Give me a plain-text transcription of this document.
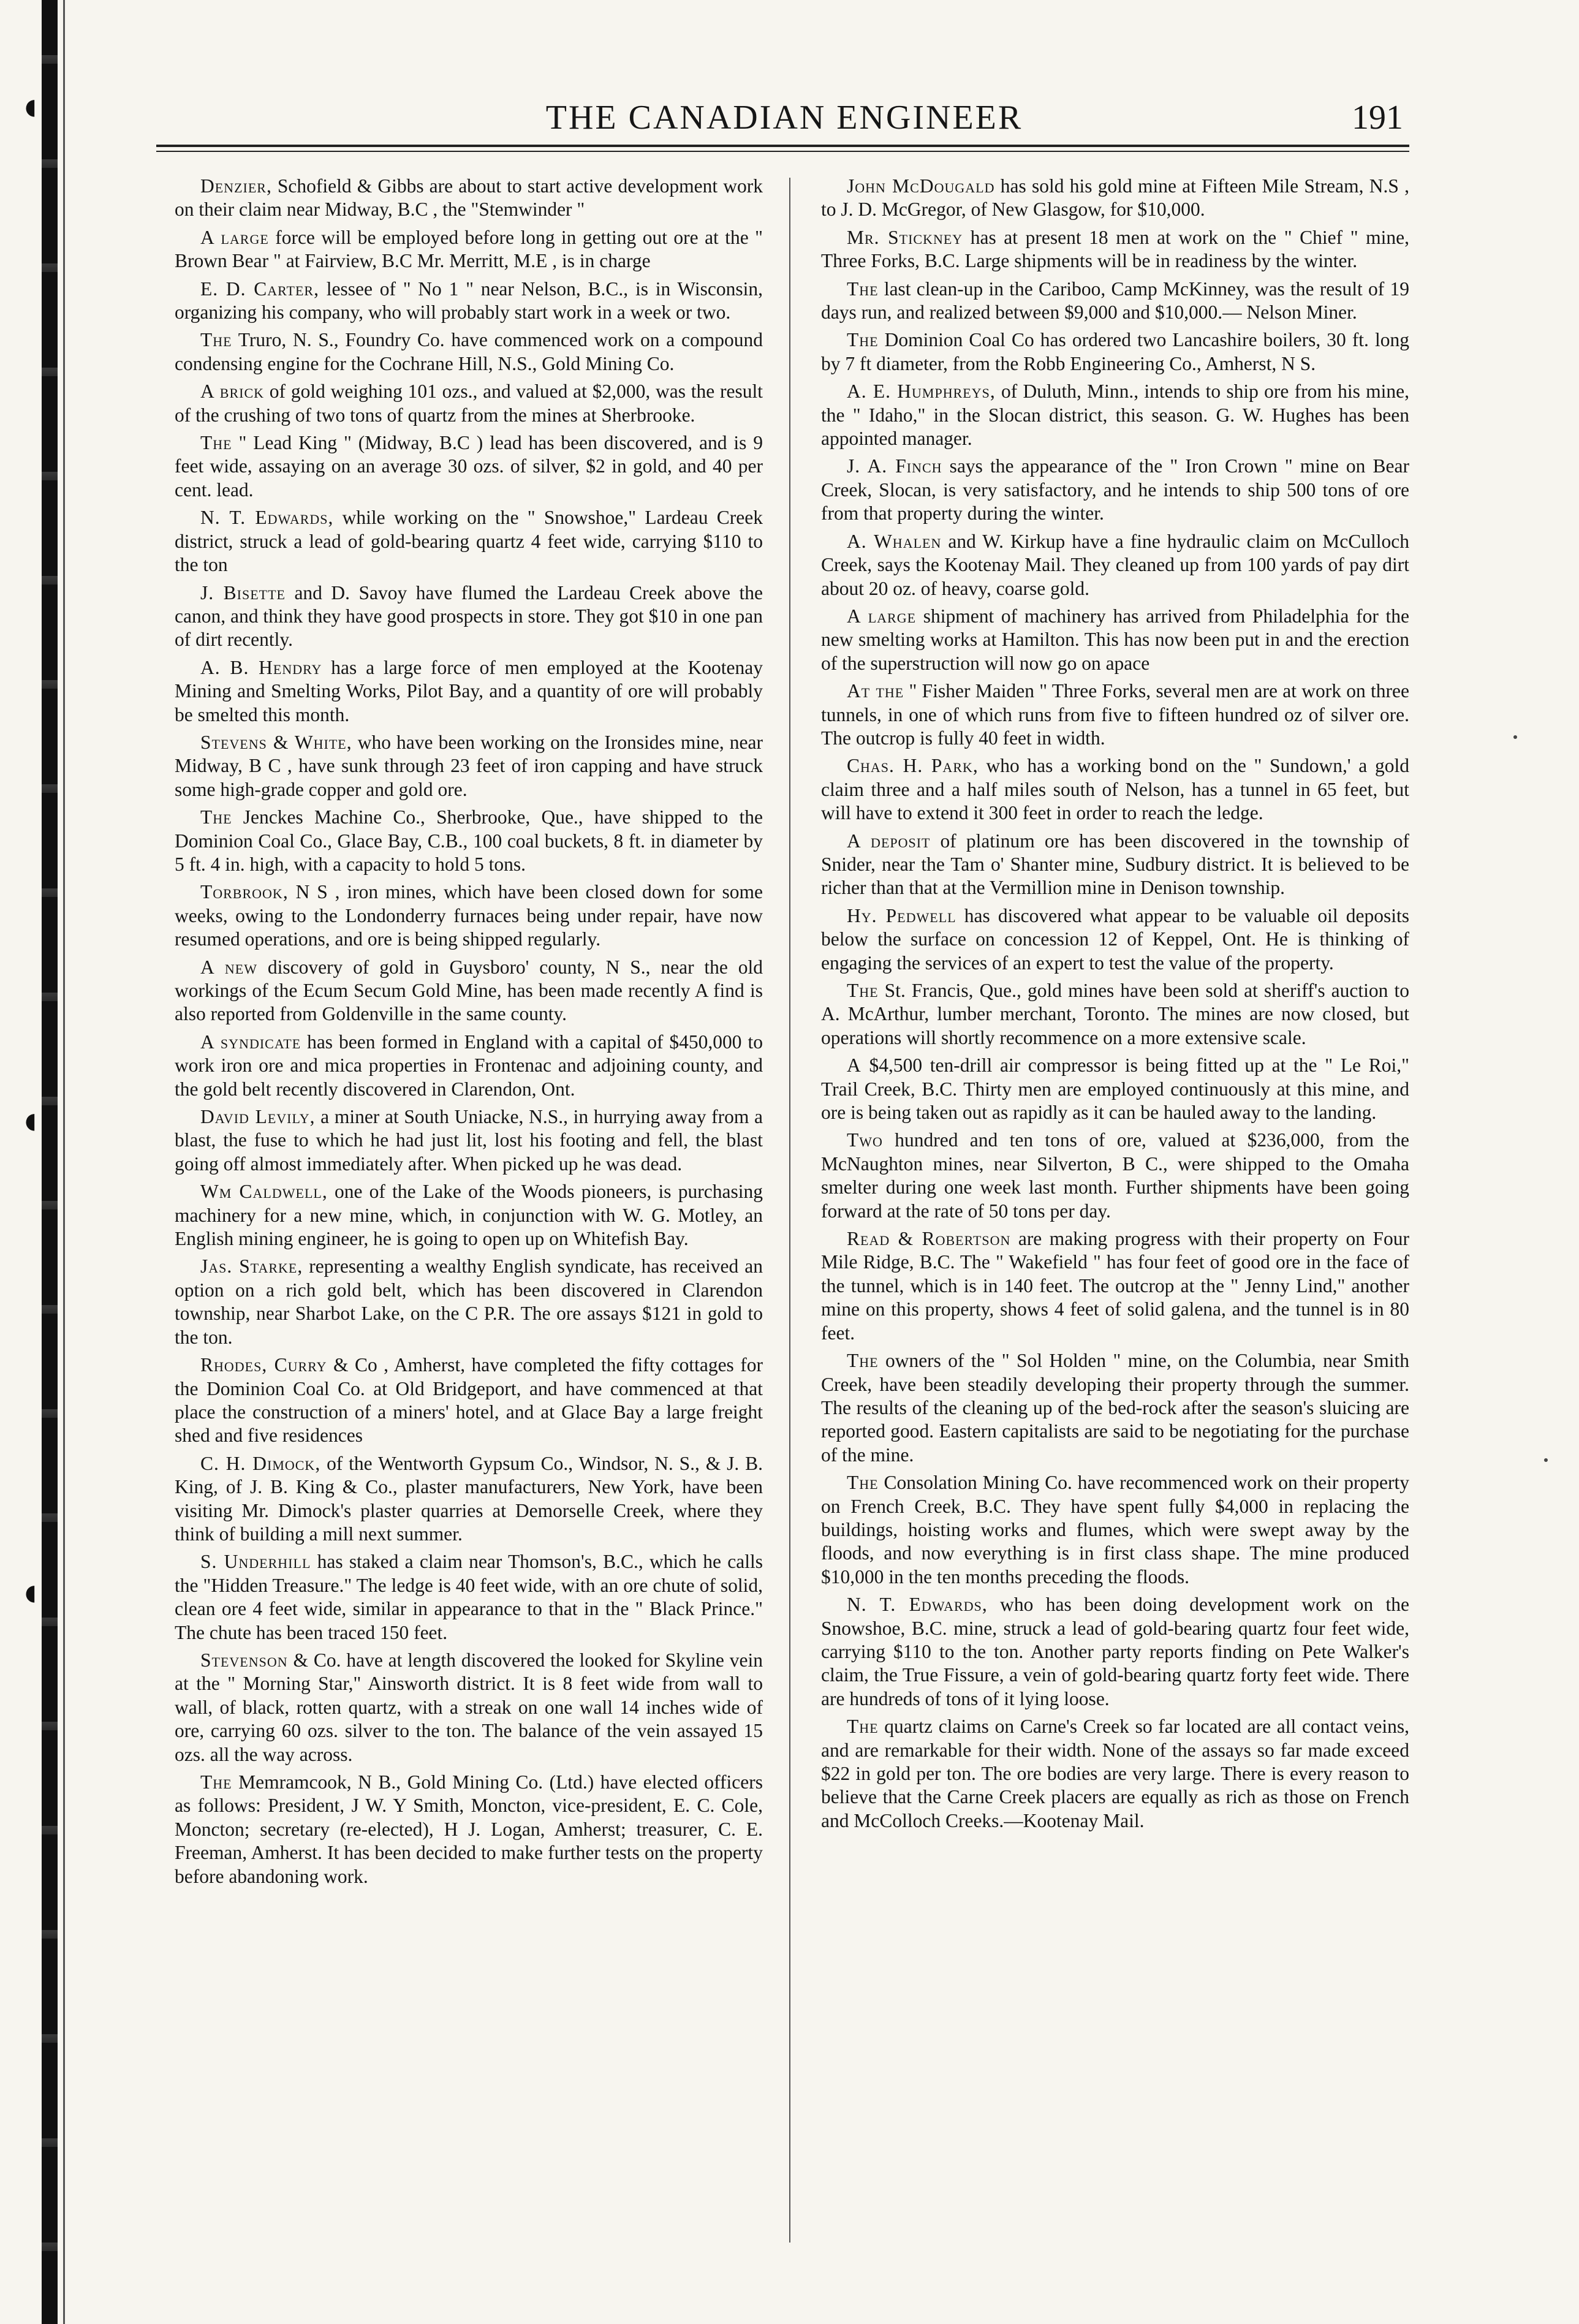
◖
◖
◖
THE CANADIAN ENGINEER	191

Denzier, Schofield & Gibbs are about to start active development work on their claim near Midway, B.C , the "Stemwinder "

A large force will be employed before long in getting out ore at the " Brown Bear " at Fairview, B.C Mr. Merritt, M.E , is in charge

E. D. Carter, lessee of " No 1 " near Nelson, B.C., is in Wisconsin, organizing his company, who will probably start work in a week or two.

The Truro, N. S., Foundry Co. have commenced work on a compound condensing engine for the Cochrane Hill, N.S., Gold Mining Co.

A brick of gold weighing 101 ozs., and valued at $2,000, was the result of the crushing of two tons of quartz from the mines at Sherbrooke.

The " Lead King " (Midway, B.C ) lead has been discovered, and is 9 feet wide, assaying on an average 30 ozs. of silver, $2 in gold, and 40 per cent. lead.

N. T. Edwards, while working on the " Snowshoe," Lardeau Creek district, struck a lead of gold-bearing quartz 4 feet wide, carrying $110 to the ton

J. Bisette and D. Savoy have flumed the Lardeau Creek above the canon, and think they have good prospects in store. They got $10 in one pan of dirt recently.

A. B. Hendry has a large force of men employed at the Kootenay Mining and Smelting Works, Pilot Bay, and a quantity of ore will probably be smelted this month.

Stevens & White, who have been working on the Ironsides mine, near Midway, B C , have sunk through 23 feet of iron capping and have struck some high-grade copper and gold ore.

The Jenckes Machine Co., Sherbrooke, Que., have shipped to the Dominion Coal Co., Glace Bay, C.B., 100 coal buckets, 8 ft. in diameter by 5 ft. 4 in. high, with a capacity to hold 5 tons.

Torbrook, N S , iron mines, which have been closed down for some weeks, owing to the Londonderry furnaces being under repair, have now resumed operations, and ore is being shipped regularly.

A new discovery of gold in Guysboro' county, N S., near the old workings of the Ecum Secum Gold Mine, has been made recently A find is also reported from Goldenville in the same county.

A syndicate has been formed in England with a capital of $450,000 to work iron ore and mica properties in Frontenac and adjoining county, and the gold belt recently discovered in Clarendon, Ont.

David Levily, a miner at South Uniacke, N.S., in hurrying away from a blast, the fuse to which he had just lit, lost his footing and fell, the blast going off almost immediately after. When picked up he was dead.

Wm Caldwell, one of the Lake of the Woods pioneers, is purchasing machinery for a new mine, which, in conjunction with W. G. Motley, an English mining engineer, he is going to open up on Whitefish Bay.

Jas. Starke, representing a wealthy English syndicate, has received an option on a rich gold belt, which has been discovered in Clarendon township, near Sharbot Lake, on the C P.R. The ore assays $121 in gold to the ton.

Rhodes, Curry & Co , Amherst, have completed the fifty cottages for the Dominion Coal Co. at Old Bridgeport, and have commenced at that place the construction of a miners' hotel, and at Glace Bay a large freight shed and five residences

C. H. Dimock, of the Wentworth Gypsum Co., Windsor, N. S., & J. B. King, of J. B. King & Co., plaster manufacturers, New York, have been visiting Mr. Dimock's plaster quarries at Demorselle Creek, where they think of building a mill next summer.

S. Underhill has staked a claim near Thomson's, B.C., which he calls the "Hidden Treasure." The ledge is 40 feet wide, with an ore chute of solid, clean ore 4 feet wide, similar in appearance to that in the " Black Prince." The chute has been traced 150 feet.

Stevenson & Co. have at length discovered the looked for Skyline vein at the " Morning Star," Ainsworth district. It is 8 feet wide from wall to wall, of black, rotten quartz, with a streak on one wall 14 inches wide of ore, carrying 60 ozs. silver to the ton. The balance of the vein assayed 15 ozs. all the way across.

The Memramcook, N B., Gold Mining Co. (Ltd.) have elected officers as follows: President, J W. Y Smith, Moncton, vice-president, E. C. Cole, Moncton; secretary (re-elected), H J. Logan, Amherst; treasurer, C. E. Freeman, Amherst. It has been decided to make further tests on the property before abandoning work.

John McDougald has sold his gold mine at Fifteen Mile Stream, N.S , to J. D. McGregor, of New Glasgow, for $10,000.

Mr. Stickney has at present 18 men at work on the " Chief " mine, Three Forks, B.C. Large shipments will be in readiness by the winter.

The last clean-up in the Cariboo, Camp McKinney, was the result of 19 days run, and realized between $9,000 and $10,000.— Nelson Miner.

The Dominion Coal Co has ordered two Lancashire boilers, 30 ft. long by 7 ft diameter, from the Robb Engineering Co., Amherst, N S.

A. E. Humphreys, of Duluth, Minn., intends to ship ore from his mine, the " Idaho," in the Slocan district, this season. G. W. Hughes has been appointed manager.

J. A. Finch says the appearance of the " Iron Crown " mine on Bear Creek, Slocan, is very satisfactory, and he intends to ship 500 tons of ore from that property during the winter.

A. Whalen and W. Kirkup have a fine hydraulic claim on McCulloch Creek, says the Kootenay Mail. They cleaned up from 100 yards of pay dirt about 20 oz. of heavy, coarse gold.

A large shipment of machinery has arrived from Philadelphia for the new smelting works at Hamilton. This has now been put in and the erection of the superstruction will now go on apace

At the " Fisher Maiden " Three Forks, several men are at work on three tunnels, in one of which runs from five to fifteen hundred oz of silver ore. The outcrop is fully 40 feet in width.

Chas. H. Park, who has a working bond on the " Sundown,' a gold claim three and a half miles south of Nelson, has a tunnel in 65 feet, but will have to extend it 300 feet in order to reach the ledge.

A deposit of platinum ore has been discovered in the township of Snider, near the Tam o' Shanter mine, Sudbury district. It is believed to be richer than that at the Vermillion mine in Denison township.

Hy. Pedwell has discovered what appear to be valuable oil deposits below the surface on concession 12 of Keppel, Ont. He is thinking of engaging the services of an expert to test the value of the property.

The St. Francis, Que., gold mines have been sold at sheriff's auction to A. McArthur, lumber merchant, Toronto. The mines are now closed, but operations will shortly recommence on a more extensive scale.

A $4,500 ten-drill air compressor is being fitted up at the " Le Roi," Trail Creek, B.C. Thirty men are employed continuously at this mine, and ore is being taken out as rapidly as it can be hauled away to the landing.

Two hundred and ten tons of ore, valued at $236,000, from the McNaughton mines, near Silverton, B C., were shipped to the Omaha smelter during one week last month. Further shipments have been going forward at the rate of 50 tons per day.

Read & Robertson are making progress with their property on Four Mile Ridge, B.C. The " Wakefield " has four feet of good ore in the face of the tunnel, which is in 140 feet. The outcrop at the " Jenny Lind," another mine on this property, shows 4 feet of solid galena, and the tunnel is in 80 feet.

The owners of the " Sol Holden " mine, on the Columbia, near Smith Creek, have been steadily developing their property through the summer. The results of the cleaning up of the bed-rock after the season's sluicing are reported good. Eastern capitalists are said to be negotiating for the purchase of the mine.

The Consolation Mining Co. have recommenced work on their property on French Creek, B.C. They have spent fully $4,000 in replacing the buildings, hoisting works and flumes, which were swept away by the floods, and now everything is in first class shape. The mine produced $10,000 in the ten months preceding the floods.

N. T. Edwards, who has been doing development work on the Snowshoe, B.C. mine, struck a lead of gold-bearing quartz four feet wide, carrying $110 to the ton. Another party reports finding on Pete Walker's claim, the True Fissure, a vein of gold-bearing quartz forty feet wide. There are hundreds of tons of it lying loose.

The quartz claims on Carne's Creek so far located are all contact veins, and are remarkable for their width. None of the assays so far made exceed $22 in gold per ton. The ore bodies are very large. There is every reason to believe that the Carne Creek placers are equally as rich as those on French and McColloch Creeks.—Kootenay Mail.
